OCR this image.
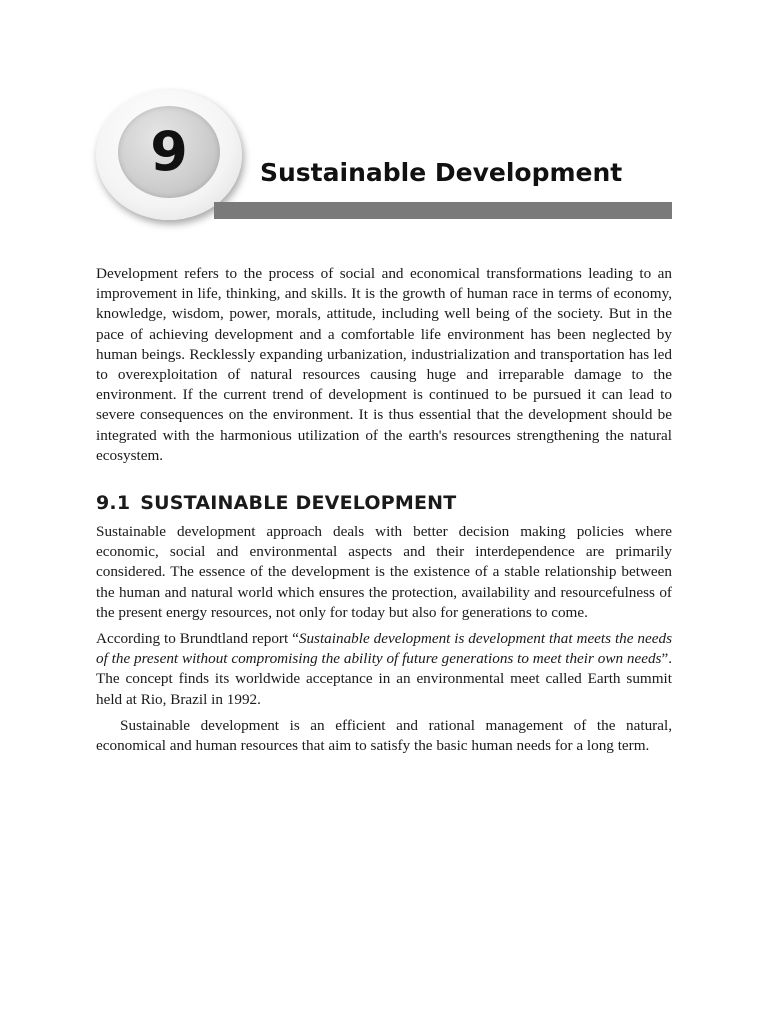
9	Sustainable Development

Development refers to the process of social and economical transformations leading to an improvement in life, thinking, and skills. It is the growth of human race in terms of economy, knowledge, wisdom, power, morals, attitude, including well being of the society. But in the pace of achieving development and a comfortable life environment has been neglected by human beings. Recklessly expanding urbanization, industrialization and transportation has led to overexploitation of natural resources causing huge and irreparable damage to the environment. If the current trend of development is continued to be pursued it can lead to severe consequences on the environment. It is thus essential that the development should be integrated with the harmonious utilization of the earth's resources strengthening the natural ecosystem.

9.1 SUSTAINABLE DEVELOPMENT

Sustainable development approach deals with better decision making policies where economic, social and environmental aspects and their interdependence are primarily considered. The essence of the development is the existence of a stable relationship between the human and natural world which ensures the protection, availability and resourcefulness of the present energy resources, not only for today but also for generations to come.

According to Brundtland report “Sustainable development is development that meets the needs of the present without compromising the ability of future generations to meet their own needs”. The concept finds its worldwide acceptance in an environmental meet called Earth summit held at Rio, Brazil in 1992.

Sustainable development is an efficient and rational management of the natural, economical and human resources that aim to satisfy the basic human needs for a long term.
